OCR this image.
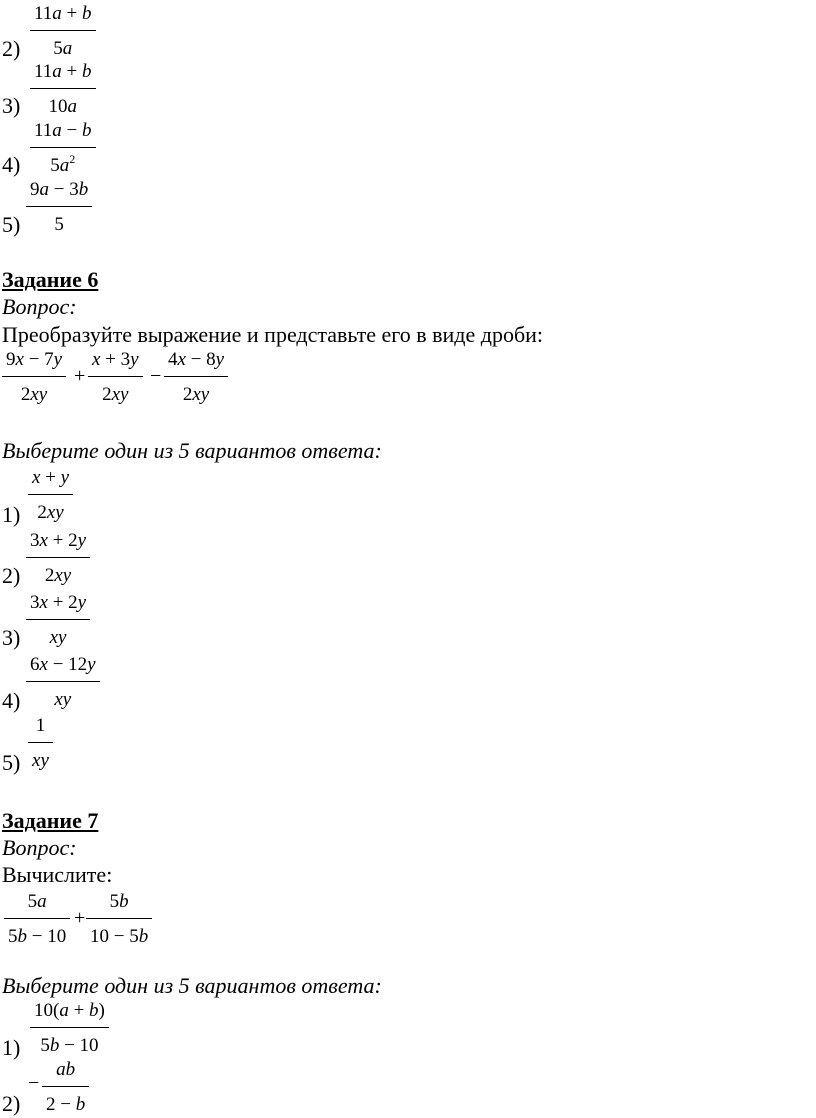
2)
11a + b
5a
3)
11a + b
10a
4)
11a − b
$5a^2$
5)
9a − 3b
5
Задание 6
Вопрос:
Преобразуйте выражение и представьте его в виде дроби:
9x − 7y
2xy
+
x + 3y
2xy
−
4x − 8y
2xy
Выберите один из 5 вариантов ответа:
1)
x + y
2xy
2)
3x + 2y
2xy
3)
3x + 2y
xy
4)
6x − 12y
xy
5)
1
xy
Задание 7
Вопрос:
Вычислите:
5a
5b − 10
+
5b
10 − 5b
Выберите один из 5 вариантов ответа:
1)
10(a + b)
5b − 10
2)
−
ab
2 − b
